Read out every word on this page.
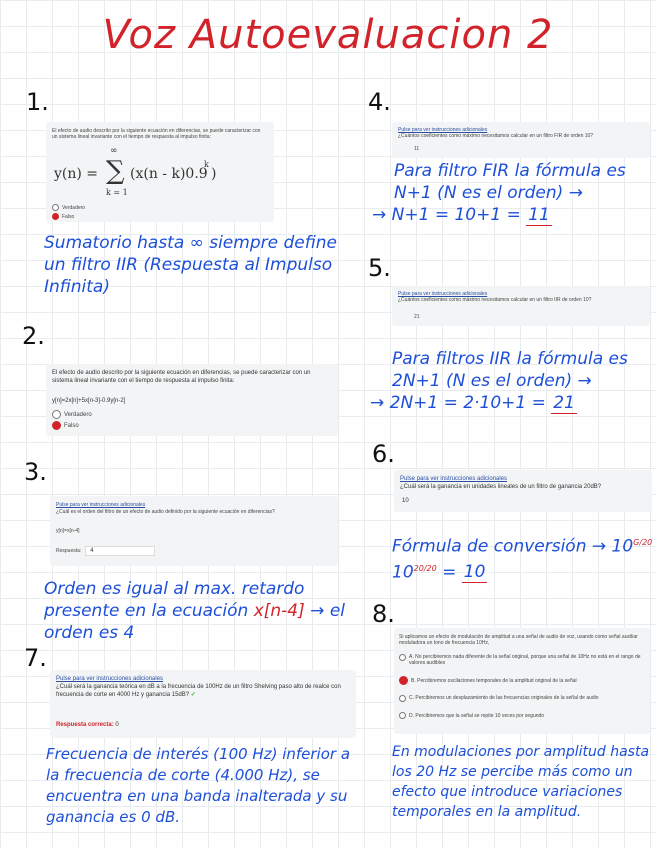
Voz Autoevaluacion 2
1.
El efecto de audio descrito por la siguiente ecuación en diferencias, se puede caracterizar con un sistema lineal invariante con el tiempo de respuesta al impulso finita:
y(n) = ∑
∞
k = 1
(x(n - k)0.9
k
)
Verdadero
Falso
Sumatorio hasta ∞ siempre define un filtro IIR (Respuesta al Impulso Infinita)
2.
El efecto de audio descrito por la siguiente ecuación en diferencias, se puede caracterizar con un sistema lineal invariante con el tiempo de respuesta al impulso finita:
y[n]=2x[n]+5x[n-3]-0.9y[n-2]
Verdadero
Falso
3.
Pulse para ver instrucciones adicionales
¿Cuál es el orden del filtro de un efecto de audio definido por la siguiente ecuación en diferencias?
y[n]=x[n-4]
Respuesta:	4
Orden es igual al max. retardo presente en la ecuación x[n-4] → el orden es 4
7.
Pulse para ver instrucciones adicionales
¿Cuál será la ganancia teórica en dB a la frecuencia de 100Hz de un filtro Shelving paso alto de realce con frecuencia de corte en 4000 Hz y ganancia 15dB? ✓
Respuesta correcta: 0
Frecuencia de interés (100 Hz) inferior a la frecuencia de corte (4.000 Hz), se encuentra en una banda inalterada y su ganancia es 0 dB.
4.
Pulse para ver instrucciones adicionales
¿Cuántos coeficientes como máximo necesitamos calcular en un filtro FIR de orden 10?
11
Para filtro FIR la fórmula es N+1 (N es el orden) →
→ N+1 = 10+1 = 11
5.
Pulse para ver instrucciones adicionales
¿Cuántos coeficientes como máximo necesitamos calcular en un filtro IIR de orden 10?
21
Para filtros IIR la fórmula es 2N+1 (N es el orden) →
→ 2N+1 = 2·10+1 = 21
6.
Pulse para ver instrucciones adicionales
¿Cuál será la ganancia en unidades lineales de un filtro de ganancia 20dB?
10
Fórmula de conversión → $10^{G/20}$
$10^{20/20} = 10$
8.
Si aplicamos un efecto de modulación de amplitud a una señal de audio de voz, usando como señal auxiliar moduladora un tono de frecuencia 10Hz,
A. No percibiremos nada diferente de la señal original, porque una señal de 10Hz no está en el rango de valores audibles
B. Percibiremos oscilaciones temporales de la amplitud original de la señal
C. Percibiremos un desplazamiento de las frecuencias originales de la señal de audio
D. Percibiremos que la señal se repite 10 veces por segundo
En modulaciones por amplitud hasta los 20 Hz se percibe más como un efecto que introduce variaciones temporales en la amplitud.
